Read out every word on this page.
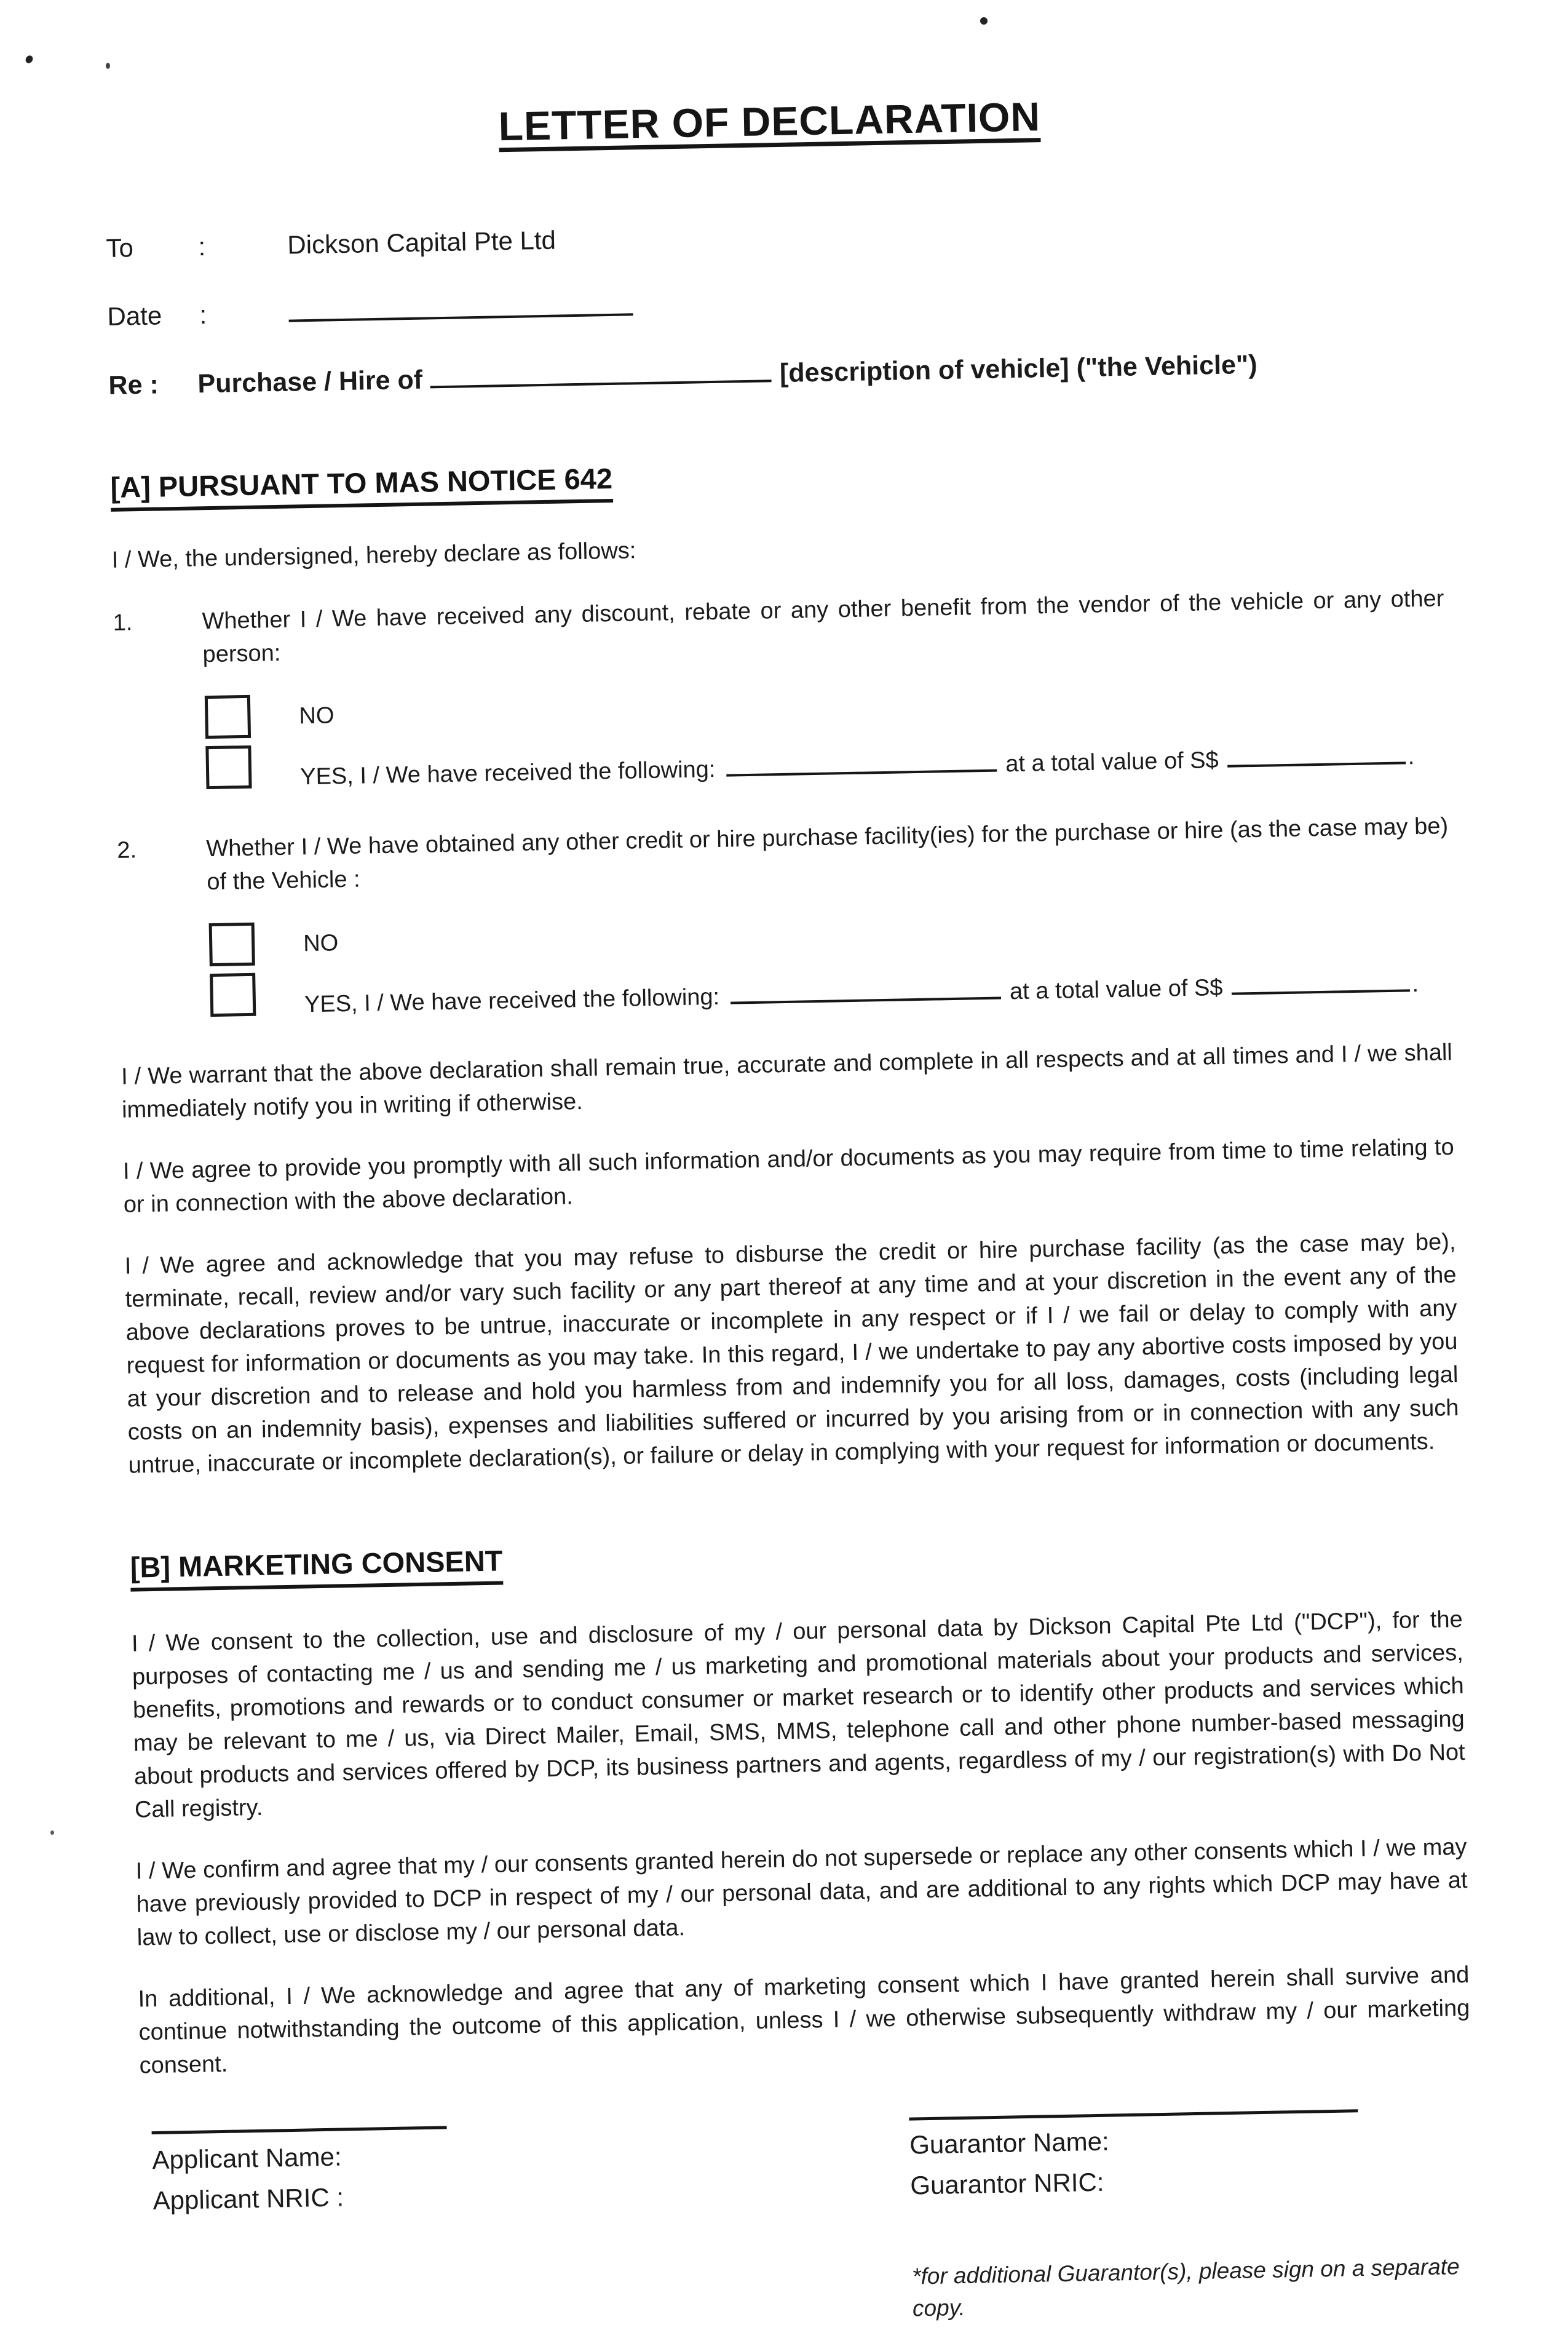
LETTER OF DECLARATION
To	:	Dickson Capital Pte Ltd
Date	:
Re :	Purchase / Hire of	[description of vehicle] ("the Vehicle")
[A] PURSUANT TO MAS NOTICE 642
I / We, the undersigned, hereby declare as follows:
1.	Whether I / We have received any discount, rebate or any other benefit from the vendor of the vehicle or any other person:
NO
YES, I / We have received the following:	at a total value of S$	.
2.	Whether I / We have obtained any other credit or hire purchase facility(ies) for the purchase or hire (as the case may be) of the Vehicle :
NO
YES, I / We have received the following:	at a total value of S$	.
I / We warrant that the above declaration shall remain true, accurate and complete in all respects and at all times and I / we shall immediately notify you in writing if otherwise.
I / We agree to provide you promptly with all such information and/or documents as you may require from time to time relating to or in connection with the above declaration.
I / We agree and acknowledge that you may refuse to disburse the credit or hire purchase facility (as the case may be), terminate, recall, review and/or vary such facility or any part thereof at any time and at your discretion in the event any of the above declarations proves to be untrue, inaccurate or incomplete in any respect or if I / we fail or delay to comply with any request for information or documents as you may take. In this regard, I / we undertake to pay any abortive costs imposed by you at your discretion and to release and hold you harmless from and indemnify you for all loss, damages, costs (including legal costs on an indemnity basis), expenses and liabilities suffered or incurred by you arising from or in connection with any such untrue, inaccurate or incomplete declaration(s), or failure or delay in complying with your request for information or documents.
[B] MARKETING CONSENT
I / We consent to the collection, use and disclosure of my / our personal data by Dickson Capital Pte Ltd ("DCP"), for the purposes of contacting me / us and sending me / us marketing and promotional materials about your products and services, benefits, promotions and rewards or to conduct consumer or market research or to identify other products and services which may be relevant to me / us, via Direct Mailer, Email, SMS, MMS, telephone call and other phone number-based messaging about products and services offered by DCP, its business partners and agents, regardless of my / our registration(s) with Do Not Call registry.
I / We confirm and agree that my / our consents granted herein do not supersede or replace any other consents which I / we may have previously provided to DCP in respect of my / our personal data, and are additional to any rights which DCP may have at law to collect, use or disclose my / our personal data.
In additional, I / We acknowledge and agree that any of marketing consent which I have granted herein shall survive and continue notwithstanding the outcome of this application, unless I / we otherwise subsequently withdraw my / our marketing consent.
Applicant Name:
Applicant NRIC :
Guarantor Name:
Guarantor NRIC:
*for additional Guarantor(s), please sign on a separate copy.
